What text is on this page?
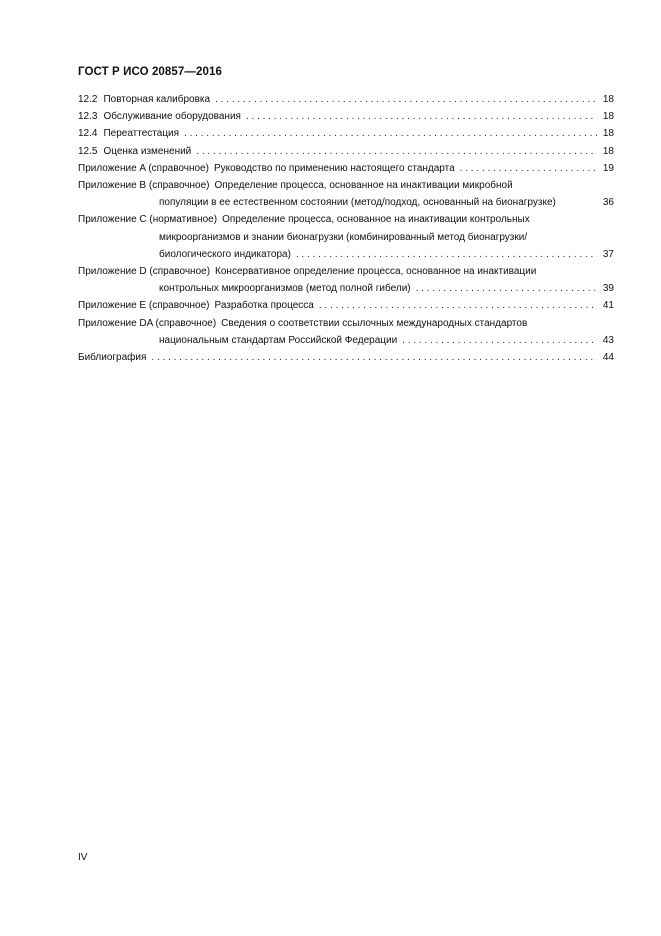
ГОСТ Р ИСО 20857—2016
12.2 Повторная калибровка . . .	18
12.3 Обслуживание оборудования . . .	18
12.4 Переаттестация . . .	18
12.5 Оценка изменений . . .	18
Приложение A (справочное) Руководство по применению настоящего стандарта . . .	19
Приложение B (справочное) Определение процесса, основанное на инактивации микробной
популяции в ее естественном состоянии (метод/подход, основанный на бионагрузке)	36
Приложение C (нормативное) Определение процесса, основанное на инактивации контрольных
микроорганизмов и знании бионагрузки (комбинированный метод бионагрузки/
биологического индикатора) . . .	37
Приложение D (справочное) Консервативное определение процесса, основанное на инактивации
контрольных микроорганизмов (метод полной гибели) . . .	39
Приложение E (справочное) Разработка процесса . . .	41
Приложение DA (справочное) Сведения о соответствии ссылочных международных стандартов
национальным стандартам Российской Федерации . . .	43
Библиография . . .	44
IV
